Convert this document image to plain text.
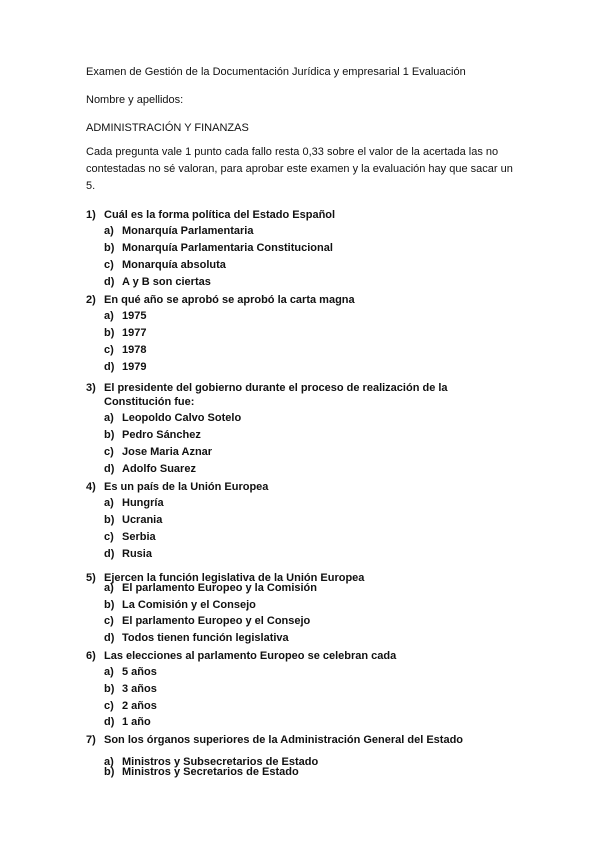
Examen de Gestión de la Documentación Jurídica y empresarial 1 Evaluación
Nombre y apellidos:
ADMINISTRACIÓN Y FINANZAS
Cada pregunta vale 1 punto cada fallo resta 0,33 sobre el valor de la acertada las no contestadas no sé valoran, para aprobar este examen y la evaluación hay que sacar un 5.
1) Cuál es la forma política del Estado Español
a) Monarquía Parlamentaria
b) Monarquía Parlamentaria Constitucional
c) Monarquía absoluta
d) A y B son ciertas
2) En qué año se aprobó se aprobó la carta magna
a) 1975
b) 1977
c) 1978
d) 1979
3) El presidente del gobierno durante el proceso de realización de la Constitución fue:
a) Leopoldo Calvo Sotelo
b) Pedro Sánchez
c) Jose Maria Aznar
d) Adolfo Suarez
4) Es un país de la Unión Europea
a) Hungría
b) Ucrania
c) Serbia
d) Rusia
5) Ejercen la función legislativa de la Unión Europea
a) El parlamento Europeo y la Comisión
b) La Comisión y el Consejo
c) El parlamento Europeo y el Consejo
d) Todos tienen función legislativa
6) Las elecciones al parlamento Europeo se celebran cada
a) 5 años
b) 3 años
c) 2 años
d) 1 año
7) Son los órganos superiores de la Administración General del Estado
a) Ministros y Subsecretarios de Estado
b) Ministros y Secretarios de Estado
